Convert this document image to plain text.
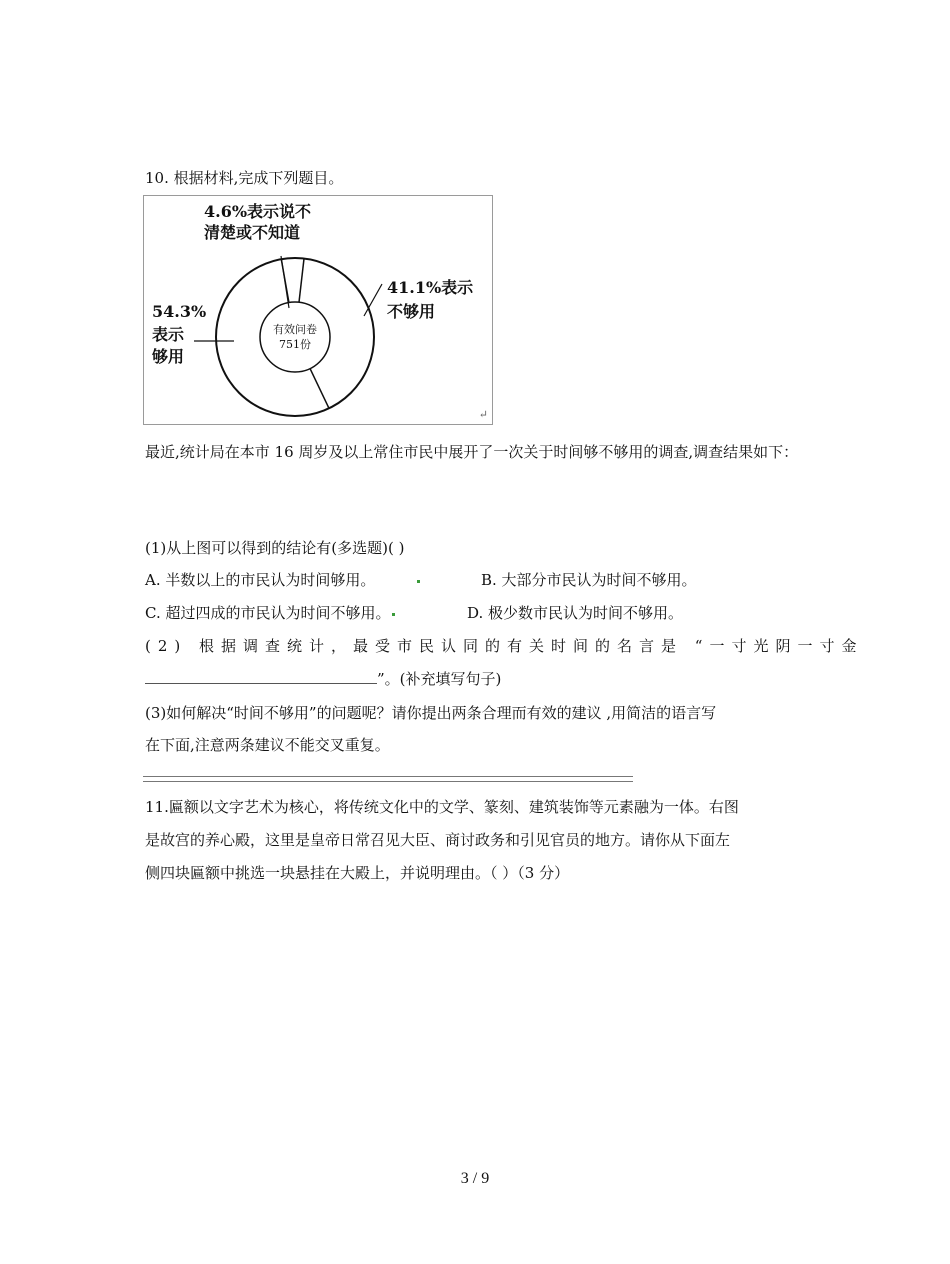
10. 根据材料,完成下列题目。
4.6%表示说不
清楚或不知道
41.1%表示
不够用
54.3%
表示
够用
有效问卷
751份
↵
最近,统计局在本市 16 周岁及以上常住市民中展开了一次关于时间够不够用的调查,调查结果如下：
(1)从上图可以得到的结论有(多选题)( )
A. 半数以上的市民认为时间够用。	B. 大部分市民认为时间不够用。
C. 超过四成的市民认为时间不够用。	D. 极少数市民认为时间不够用。
(2) 根据调查统计，最受市民认同的有关时间的名言是 “一寸光阴一寸金
”。(补充填写句子)
(3)如何解决“时间不够用”的问题呢？请你提出两条合理而有效的建议 ,用简洁的语言写
在下面,注意两条建议不能交叉重复。
11.匾额以文字艺术为核心，将传统文化中的文学、篆刻、建筑装饰等元素融为一体。右图
是故宫的养心殿，这里是皇帝日常召见大臣、商讨政务和引见官员的地方。请你从下面左
侧四块匾额中挑选一块悬挂在大殿上，并说明理由。（ ）（3 分）
3 / 9
